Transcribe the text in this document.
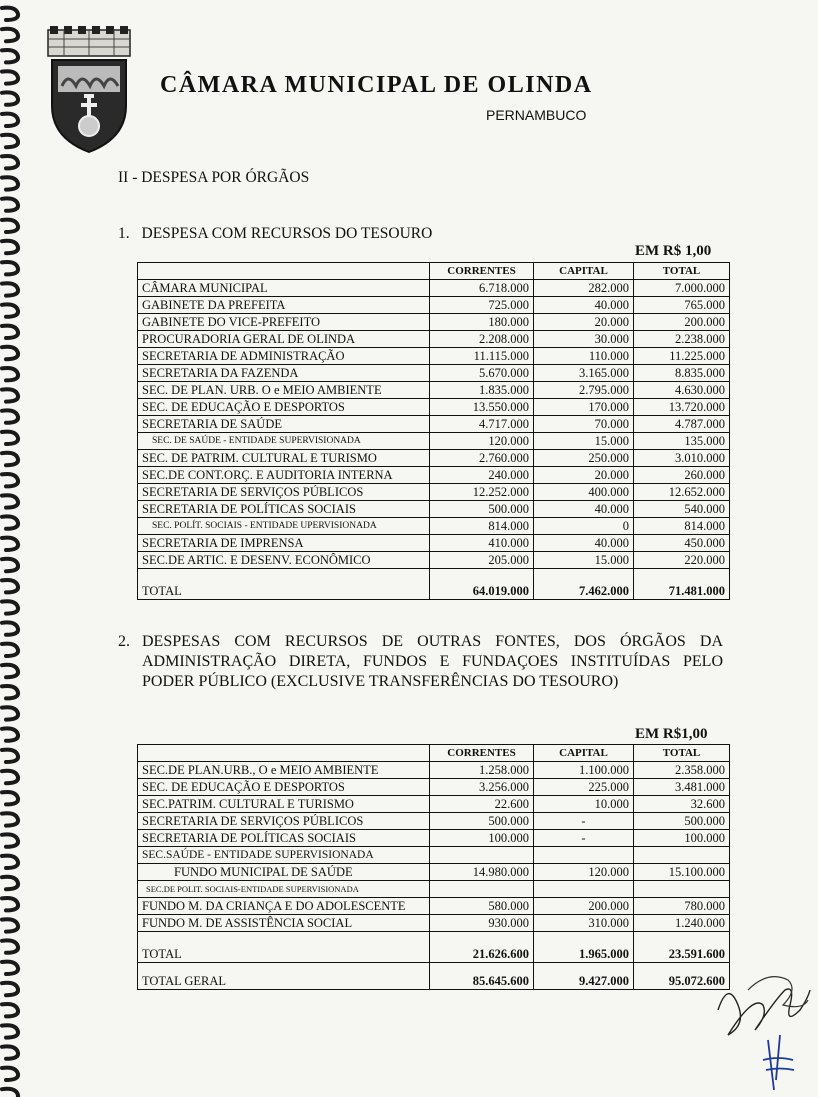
CÂMARA MUNICIPAL DE OLINDA
PERNAMBUCO
II - DESPESA POR ÓRGÃOS
1. DESPESA COM RECURSOS DO TESOURO
EM R$ 1,00
	CORRENTES	CAPITAL	TOTAL
CÂMARA MUNICIPAL	6.718.000	282.000	7.000.000
GABINETE DA PREFEITA	725.000	40.000	765.000
GABINETE DO VICE-PREFEITO	180.000	20.000	200.000
PROCURADORIA GERAL DE OLINDA	2.208.000	30.000	2.238.000
SECRETARIA DE ADMINISTRAÇÃO	11.115.000	110.000	11.225.000
SECRETARIA DA FAZENDA	5.670.000	3.165.000	8.835.000
SEC. DE PLAN. URB. O e MEIO AMBIENTE	1.835.000	2.795.000	4.630.000
SEC. DE EDUCAÇÃO E DESPORTOS	13.550.000	170.000	13.720.000
SECRETARIA DE SAÚDE	4.717.000	70.000	4.787.000
SEC. DE SAÚDE - ENTIDADE SUPERVISIONADA	120.000	15.000	135.000
SEC. DE PATRIM. CULTURAL E TURISMO	2.760.000	250.000	3.010.000
SEC.DE CONT.ORÇ. E AUDITORIA INTERNA	240.000	20.000	260.000
SECRETARIA DE SERVIÇOS PÚBLICOS	12.252.000	400.000	12.652.000
SECRETARIA DE POLÍTICAS SOCIAIS	500.000	40.000	540.000
SEC. POLÍT. SOCIAIS - ENTIDADE UPERVISIONADA	814.000	0	814.000
SECRETARIA DE IMPRENSA	410.000	40.000	450.000
SEC.DE ARTIC. E DESENV. ECONÔMICO	205.000	15.000	220.000
TOTAL	64.019.000	7.462.000	71.481.000
2. DESPESAS COM RECURSOS DE OUTRAS FONTES, DOS ÓRGÃOS DA ADMINISTRAÇÃO DIRETA, FUNDOS E FUNDAÇOES INSTITUÍDAS PELO PODER PÚBLICO (EXCLUSIVE TRANSFERÊNCIAS DO TESOURO)
EM R$1,00
	CORRENTES	CAPITAL	TOTAL
SEC.DE PLAN.URB., O e MEIO AMBIENTE	1.258.000	1.100.000	2.358.000
SEC. DE EDUCAÇÃO E DESPORTOS	3.256.000	225.000	3.481.000
SEC.PATRIM. CULTURAL E TURISMO	22.600	10.000	32.600
SECRETARIA DE SERVIÇOS PÚBLICOS	500.000	-	500.000
SECRETARIA DE POLÍTICAS SOCIAIS	100.000	-	100.000
SEC.SAÚDE - ENTIDADE SUPERVISIONADA			
FUNDO MUNICIPAL DE SAÚDE	14.980.000	120.000	15.100.000
SEC.DE POLIT. SOCIAIS-ENTIDADE SUPERVISIONADA			
FUNDO M. DA CRIANÇA E DO ADOLESCENTE	580.000	200.000	780.000
FUNDO M. DE ASSISTÊNCIA SOCIAL	930.000	310.000	1.240.000
TOTAL	21.626.600	1.965.000	23.591.600
TOTAL GERAL	85.645.600	9.427.000	95.072.600
